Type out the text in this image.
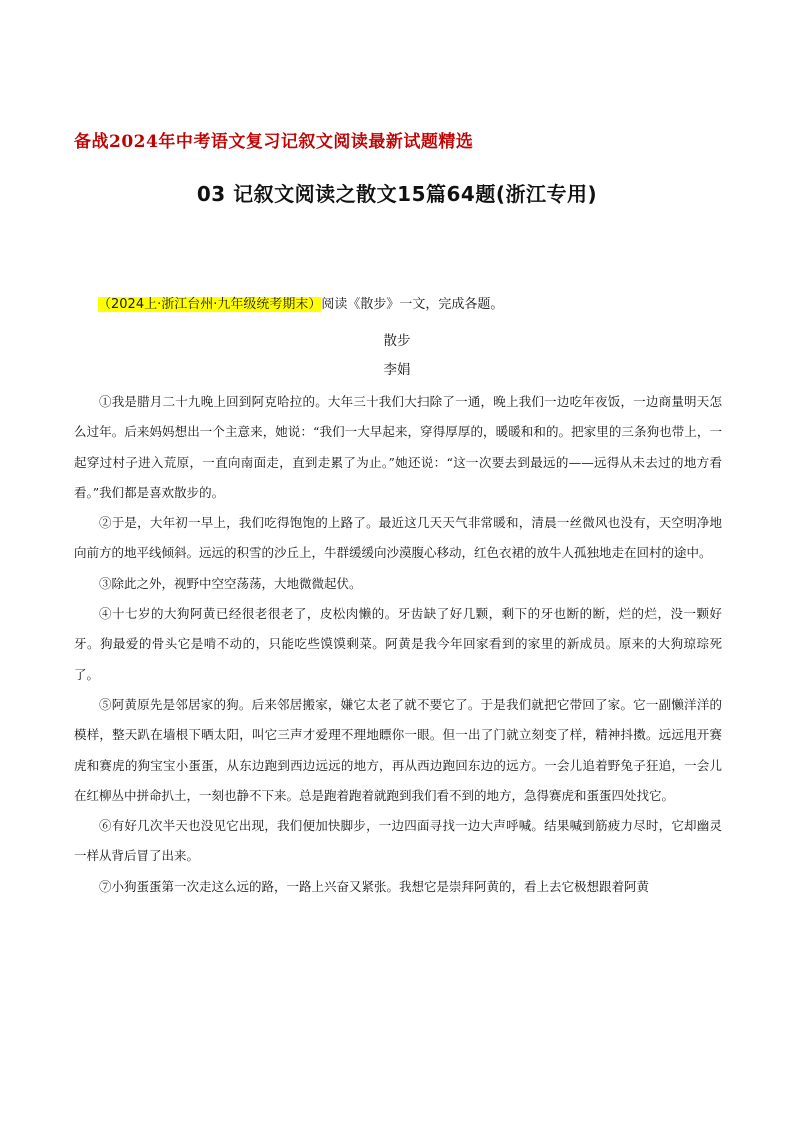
备战2024年中考语文复习记叙文阅读最新试题精选
03 记叙文阅读之散文15篇64题(浙江专用)
（2024上·浙江台州·九年级统考期末）阅读《散步》一文，完成各题。
散步
李娟

①我是腊月二十九晚上回到阿克哈拉的。大年三十我们大扫除了一通，晚上我们一边吃年夜饭，一边商量明天怎么过年。后来妈妈想出一个主意来，她说：“我们一大早起来，穿得厚厚的，暖暖和和的。把家里的三条狗也带上，一起穿过村子进入荒原，一直向南面走，直到走累了为止。”她还说：“这一次要去到最远的——远得从未去过的地方看看。”我们都是喜欢散步的。

②于是，大年初一早上，我们吃得饱饱的上路了。最近这几天天气非常暖和，清晨一丝微风也没有，天空明净地向前方的地平线倾斜。远远的积雪的沙丘上，牛群缓缓向沙漠腹心移动，红色衣裙的放牛人孤独地走在回村的途中。

③除此之外，视野中空空荡荡，大地微微起伏。

④十七岁的大狗阿黄已经很老很老了，皮松肉懒的。牙齿缺了好几颗，剩下的牙也断的断，烂的烂，没一颗好牙。狗最爱的骨头它是啃不动的，只能吃些馍馍剩菜。阿黄是我今年回家看到的家里的新成员。原来的大狗琼琮死了。

⑤阿黄原先是邻居家的狗。后来邻居搬家，嫌它太老了就不要它了。于是我们就把它带回了家。它一副懒洋洋的模样，整天趴在墙根下晒太阳，叫它三声才爱理不理地瞟你一眼。但一出了门就立刻变了样，精神抖擞。远远甩开赛虎和赛虎的狗宝宝小蛋蛋，从东边跑到西边远远的地方，再从西边跑回东边的远方。一会儿追着野兔子狂追，一会儿在红柳丛中拼命扒土，一刻也静不下来。总是跑着跑着就跑到我们看不到的地方，急得赛虎和蛋蛋四处找它。

⑥有好几次半天也没见它出现，我们便加快脚步，一边四面寻找一边大声呼喊。结果喊到筋疲力尽时，它却幽灵一样从背后冒了出来。

⑦小狗蛋蛋第一次走这么远的路，一路上兴奋又紧张。我想它是崇拜阿黄的，看上去它极想跟着阿黄
